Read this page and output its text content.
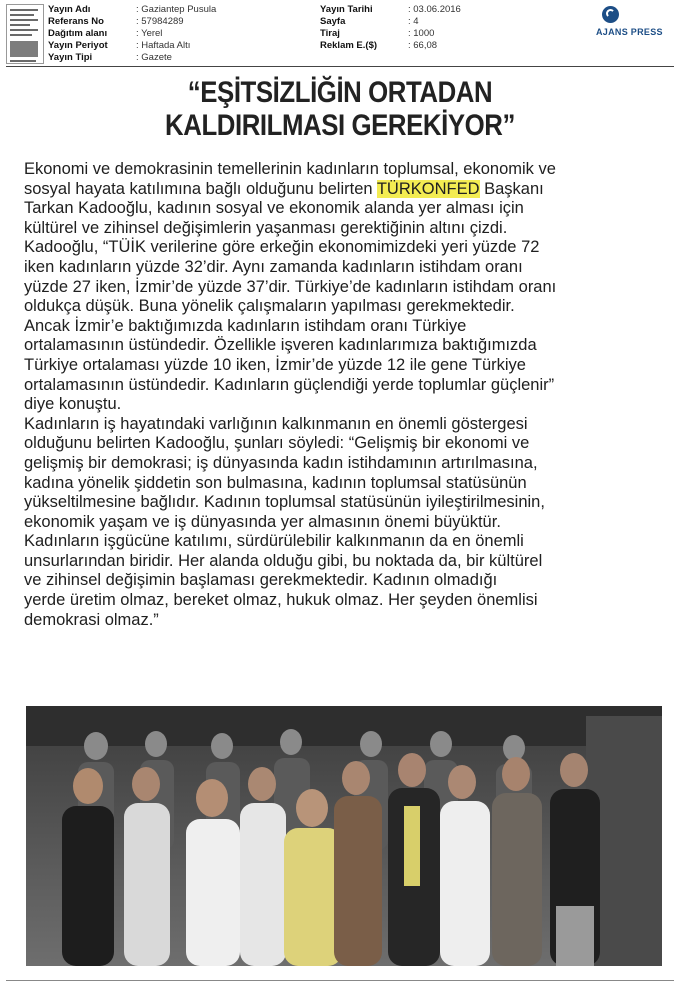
Yayın Adı	: Gaziantep Pusula
Referans No	: 57984289
Dağıtım alanı	: Yerel
Yayın Periyot	: Haftada Altı
Yayın Tipi	: Gazete
Yayın Tarihi	: 03.06.2016
Sayfa	: 4
Tiraj	: 1000
Reklam E.($)	: 66,08
AJANS PRESS
“EŞİTSİZLİĞİN ORTADAN
KALDIRILMASI GEREKİYOR”
Ekonomi ve demokrasinin temellerinin kadınların toplumsal, ekonomik ve
sosyal hayata katılımına bağlı olduğunu belirten TÜRKONFED Başkanı
Tarkan Kadooğlu, kadının sosyal ve ekonomik alanda yer alması için
kültürel ve zihinsel değişimlerin yaşanması gerektiğinin altını çizdi.
Kadooğlu, “TÜİK verilerine göre erkeğin ekonomimizdeki yeri yüzde 72
iken kadınların yüzde 32’dir. Aynı zamanda kadınların istihdam oranı
yüzde 27 iken, İzmir’de yüzde 37’dir. Türkiye’de kadınların istihdam oranı
oldukça düşük. Buna yönelik çalışmaların yapılması gerekmektedir.
Ancak İzmir’e baktığımızda kadınların istihdam oranı Türkiye
ortalamasının üstündedir. Özellikle işveren kadınlarımıza baktığımızda
Türkiye ortalaması yüzde 10 iken, İzmir’de yüzde 12 ile gene Türkiye
ortalamasının üstündedir. Kadınların güçlendiği yerde toplumlar güçlenir”
diye konuştu.
Kadınların iş hayatındaki varlığının kalkınmanın en önemli göstergesi
olduğunu belirten Kadooğlu, şunları söyledi: “Gelişmiş bir ekonomi ve
gelişmiş bir demokrasi; iş dünyasında kadın istihdamının artırılmasına,
kadına yönelik şiddetin son bulmasına, kadının toplumsal statüsünün
yükseltilmesine bağlıdır. Kadının toplumsal statüsünün iyileştirilmesinin,
ekonomik yaşam ve iş dünyasında yer almasının önemi büyüktür.
Kadınların işgücüne katılımı, sürdürülebilir kalkınmanın da en önemli
unsurlarından biridir. Her alanda olduğu gibi, bu noktada da, bir kültürel
ve zihinsel değişimin başlaması gerekmektedir. Kadının olmadığı
yerde üretim olmaz, bereket olmaz, hukuk olmaz. Her şeyden önemlisi
demokrasi olmaz.”
